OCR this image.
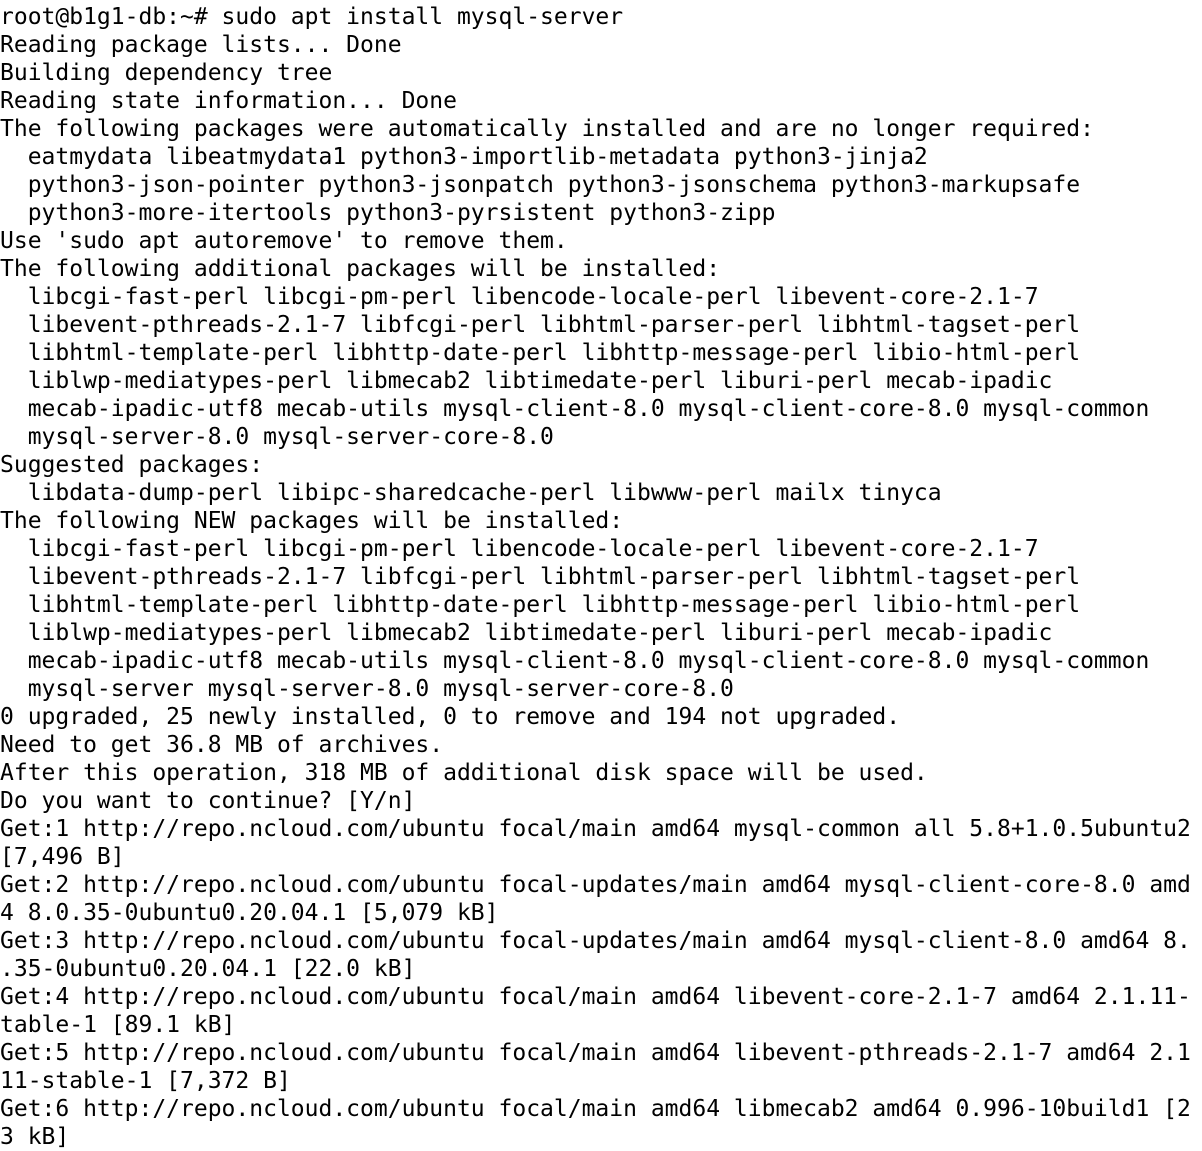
root@b1g1-db:~# sudo apt install mysql-server
Reading package lists... Done
Building dependency tree
Reading state information... Done
The following packages were automatically installed and are no longer required:
eatmydata libeatmydata1 python3-importlib-metadata python3-jinja2
python3-json-pointer python3-jsonpatch python3-jsonschema python3-markupsafe
python3-more-itertools python3-pyrsistent python3-zipp
Use 'sudo apt autoremove' to remove them.
The following additional packages will be installed:
libcgi-fast-perl libcgi-pm-perl libencode-locale-perl libevent-core-2.1-7
libevent-pthreads-2.1-7 libfcgi-perl libhtml-parser-perl libhtml-tagset-perl
libhtml-template-perl libhttp-date-perl libhttp-message-perl libio-html-perl
liblwp-mediatypes-perl libmecab2 libtimedate-perl liburi-perl mecab-ipadic
mecab-ipadic-utf8 mecab-utils mysql-client-8.0 mysql-client-core-8.0 mysql-common
mysql-server-8.0 mysql-server-core-8.0
Suggested packages:
libdata-dump-perl libipc-sharedcache-perl libwww-perl mailx tinyca
The following NEW packages will be installed:
libcgi-fast-perl libcgi-pm-perl libencode-locale-perl libevent-core-2.1-7
libevent-pthreads-2.1-7 libfcgi-perl libhtml-parser-perl libhtml-tagset-perl
libhtml-template-perl libhttp-date-perl libhttp-message-perl libio-html-perl
liblwp-mediatypes-perl libmecab2 libtimedate-perl liburi-perl mecab-ipadic
mecab-ipadic-utf8 mecab-utils mysql-client-8.0 mysql-client-core-8.0 mysql-common
mysql-server mysql-server-8.0 mysql-server-core-8.0
0 upgraded, 25 newly installed, 0 to remove and 194 not upgraded.
Need to get 36.8 MB of archives.
After this operation, 318 MB of additional disk space will be used.
Do you want to continue? [Y/n]
Get:1 http://repo.ncloud.com/ubuntu focal/main amd64 mysql-common all 5.8+1.0.5ubuntu2
[7,496 B]
Get:2 http://repo.ncloud.com/ubuntu focal-updates/main amd64 mysql-client-core-8.0 amd
4 8.0.35-0ubuntu0.20.04.1 [5,079 kB]
Get:3 http://repo.ncloud.com/ubuntu focal-updates/main amd64 mysql-client-8.0 amd64 8.
.35-0ubuntu0.20.04.1 [22.0 kB]
Get:4 http://repo.ncloud.com/ubuntu focal/main amd64 libevent-core-2.1-7 amd64 2.1.11-
table-1 [89.1 kB]
Get:5 http://repo.ncloud.com/ubuntu focal/main amd64 libevent-pthreads-2.1-7 amd64 2.1
11-stable-1 [7,372 B]
Get:6 http://repo.ncloud.com/ubuntu focal/main amd64 libmecab2 amd64 0.996-10build1 [2
3 kB]
